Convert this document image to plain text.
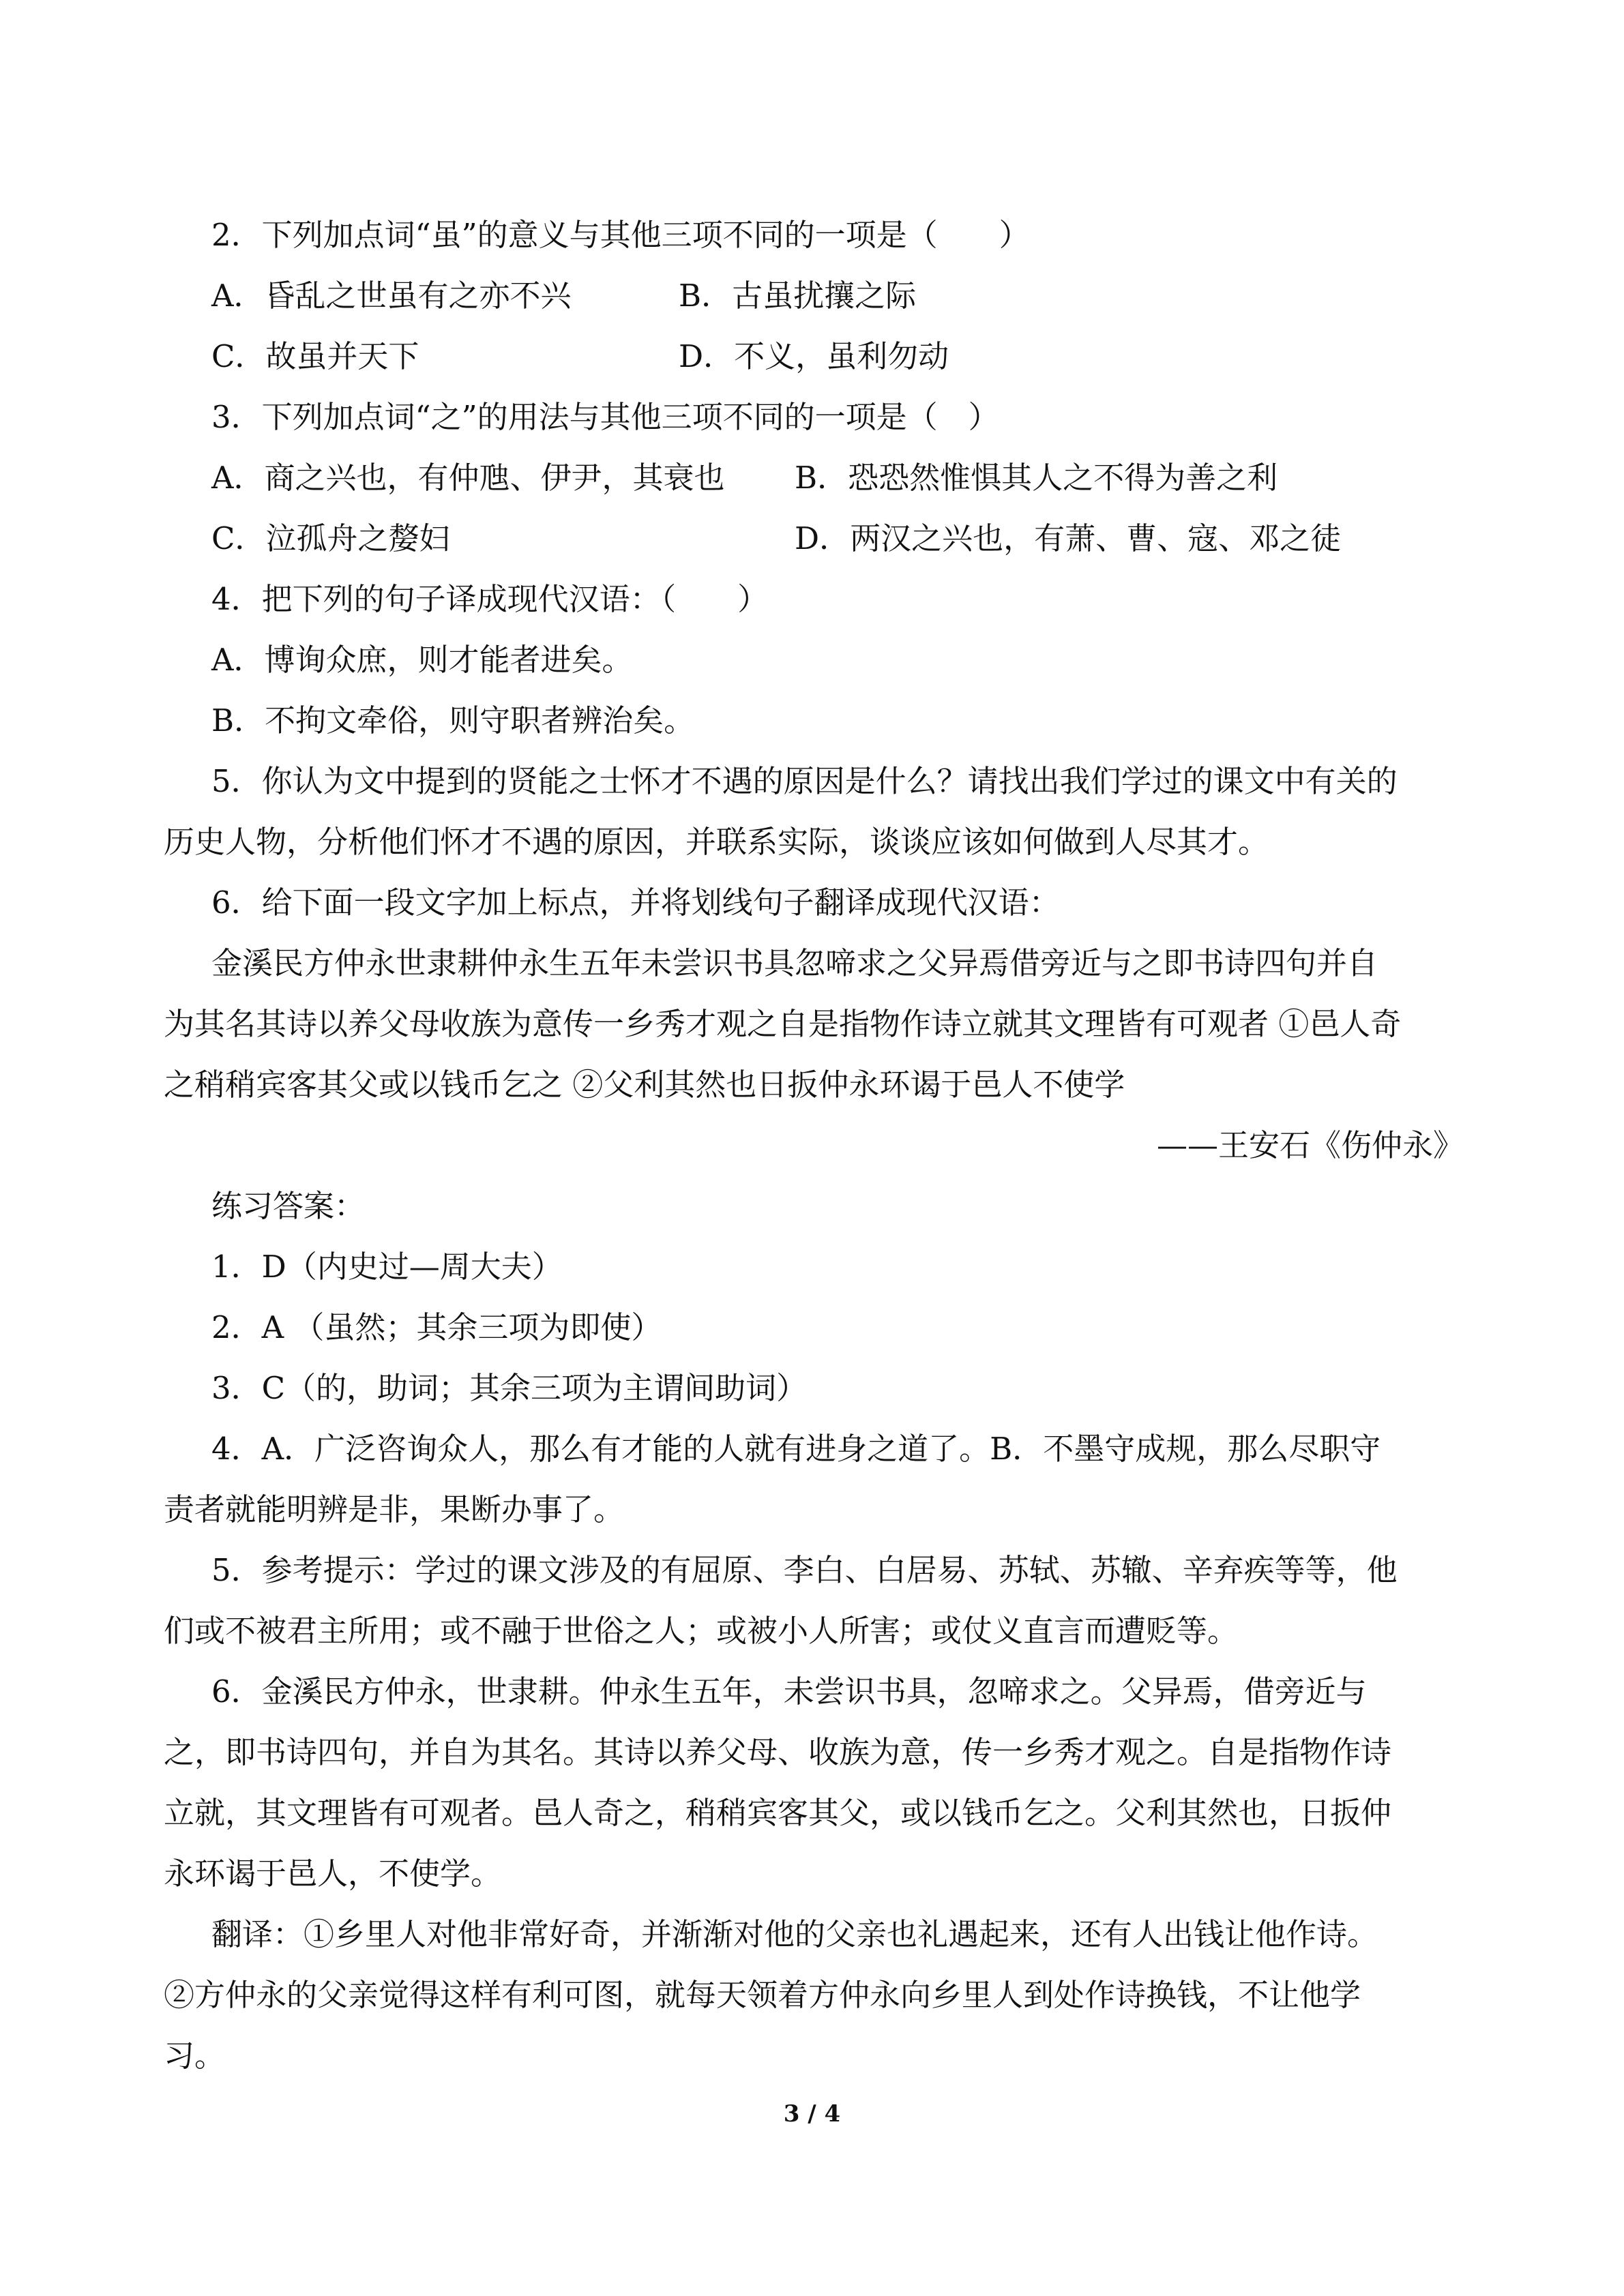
2．下列加点词“虽”的意义与其他三项不同的一项是（　　）
A．昏乱之世虽有之亦不兴	B．古虽扰攘之际
C．故虽并天下	D．不义，虽利勿动
3．下列加点词“之”的用法与其他三项不同的一项是（　）
A．商之兴也，有仲虺、伊尹，其衰也 B．恐恐然惟惧其人之不得为善之利
C．泣孤舟之嫠妇	D．两汉之兴也，有萧、曹、寇、邓之徒
4．把下列的句子译成现代汉语：（　　）
A．博询众庶，则才能者进矣。
B．不拘文牵俗，则守职者辨治矣。
5．你认为文中提到的贤能之士怀才不遇的原因是什么？请找出我们学过的课文中有关的
历史人物，分析他们怀才不遇的原因，并联系实际，谈谈应该如何做到人尽其才。
6．给下面一段文字加上标点，并将划线句子翻译成现代汉语：
金溪民方仲永世隶耕仲永生五年未尝识书具忽啼求之父异焉借旁近与之即书诗四句并自
为其名其诗以养父母收族为意传一乡秀才观之自是指物作诗立就其文理皆有可观者 ①邑人奇
之稍稍宾客其父或以钱币乞之 ②父利其然也日扳仲永环谒于邑人不使学
——王安石《伤仲永》
练习答案：
1．D（内史过—周大夫）
2．A （虽然；其余三项为即使）
3．C（的，助词；其余三项为主谓间助词）
4．A．广泛咨询众人，那么有才能的人就有进身之道了。B．不墨守成规，那么尽职守
责者就能明辨是非，果断办事了。
5．参考提示：学过的课文涉及的有屈原、李白、白居易、苏轼、苏辙、辛弃疾等等，他
们或不被君主所用；或不融于世俗之人；或被小人所害；或仗义直言而遭贬等。
6．金溪民方仲永，世隶耕。仲永生五年，未尝识书具，忽啼求之。父异焉，借旁近与
之，即书诗四句，并自为其名。其诗以养父母、收族为意，传一乡秀才观之。自是指物作诗
立就，其文理皆有可观者。邑人奇之，稍稍宾客其父，或以钱币乞之。父利其然也，日扳仲
永环谒于邑人，不使学。
翻译：①乡里人对他非常好奇，并渐渐对他的父亲也礼遇起来，还有人出钱让他作诗。
②方仲永的父亲觉得这样有利可图，就每天领着方仲永向乡里人到处作诗换钱，不让他学
习。
3 / 4
